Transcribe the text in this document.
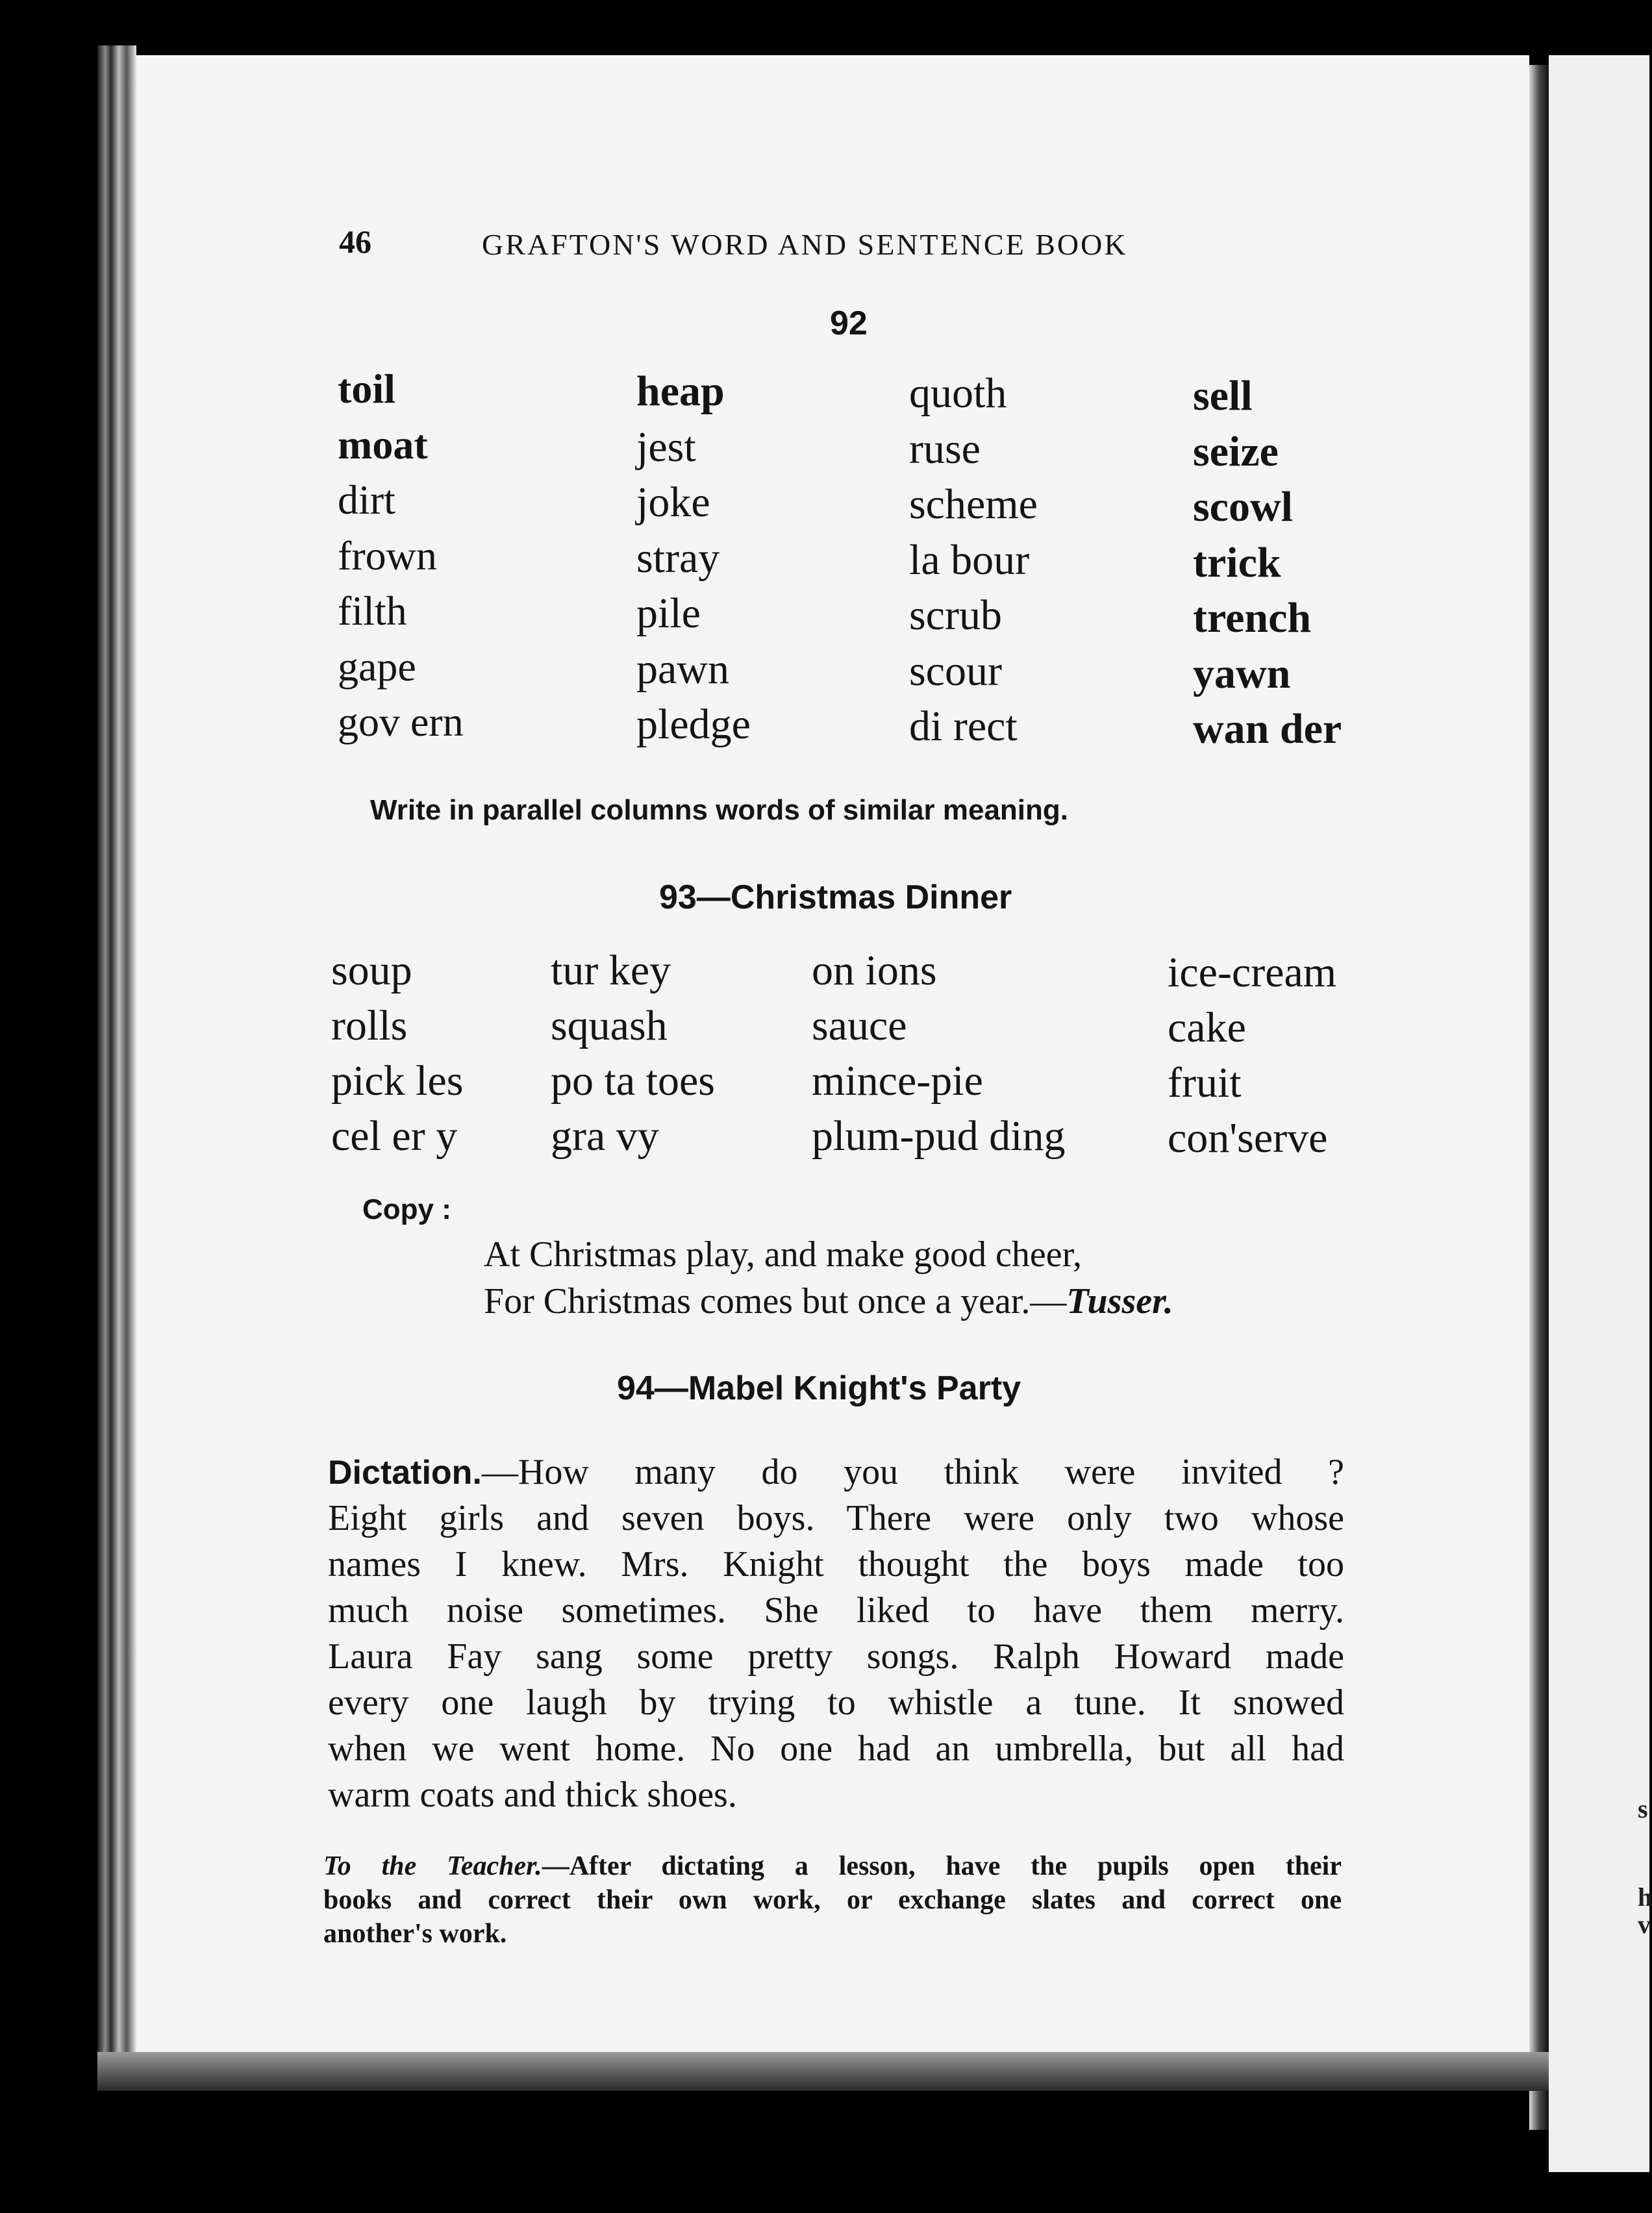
46	GRAFTON'S WORD AND SENTENCE BOOK
92
toil
moat
dirt
frown
filth
gape
gov ern
heap
jest
joke
stray
pile
pawn
pledge
quoth
ruse
scheme
la bour
scrub
scour
di rect
sell
seize
scowl
trick
trench
yawn
wan der
Write in parallel columns words of similar meaning.
93—Christmas Dinner
soup
rolls
pick les
cel er y
tur key
squash
po ta toes
gra vy
on ions
sauce
mince-pie
plum-pud ding
ice-cream
cake
fruit
con'serve
Copy :
At Christmas play, and make good cheer,
For Christmas comes but once a year.—Tusser.
94—Mabel Knight's Party
Dictation.—How many do you think were invited ?
Eight girls and seven boys. There were only two whose
names I knew. Mrs. Knight thought the boys made too
much noise sometimes. She liked to have them merry.
Laura Fay sang some pretty songs. Ralph Howard made
every one laugh by trying to whistle a tune. It snowed
when we went home. No one had an umbrella, but all had
warm coats and thick shoes.
To the Teacher.—After dictating a lesson, have the pupils open their
books and correct their own work, or exchange slates and correct one
another's work.
s
h
v
